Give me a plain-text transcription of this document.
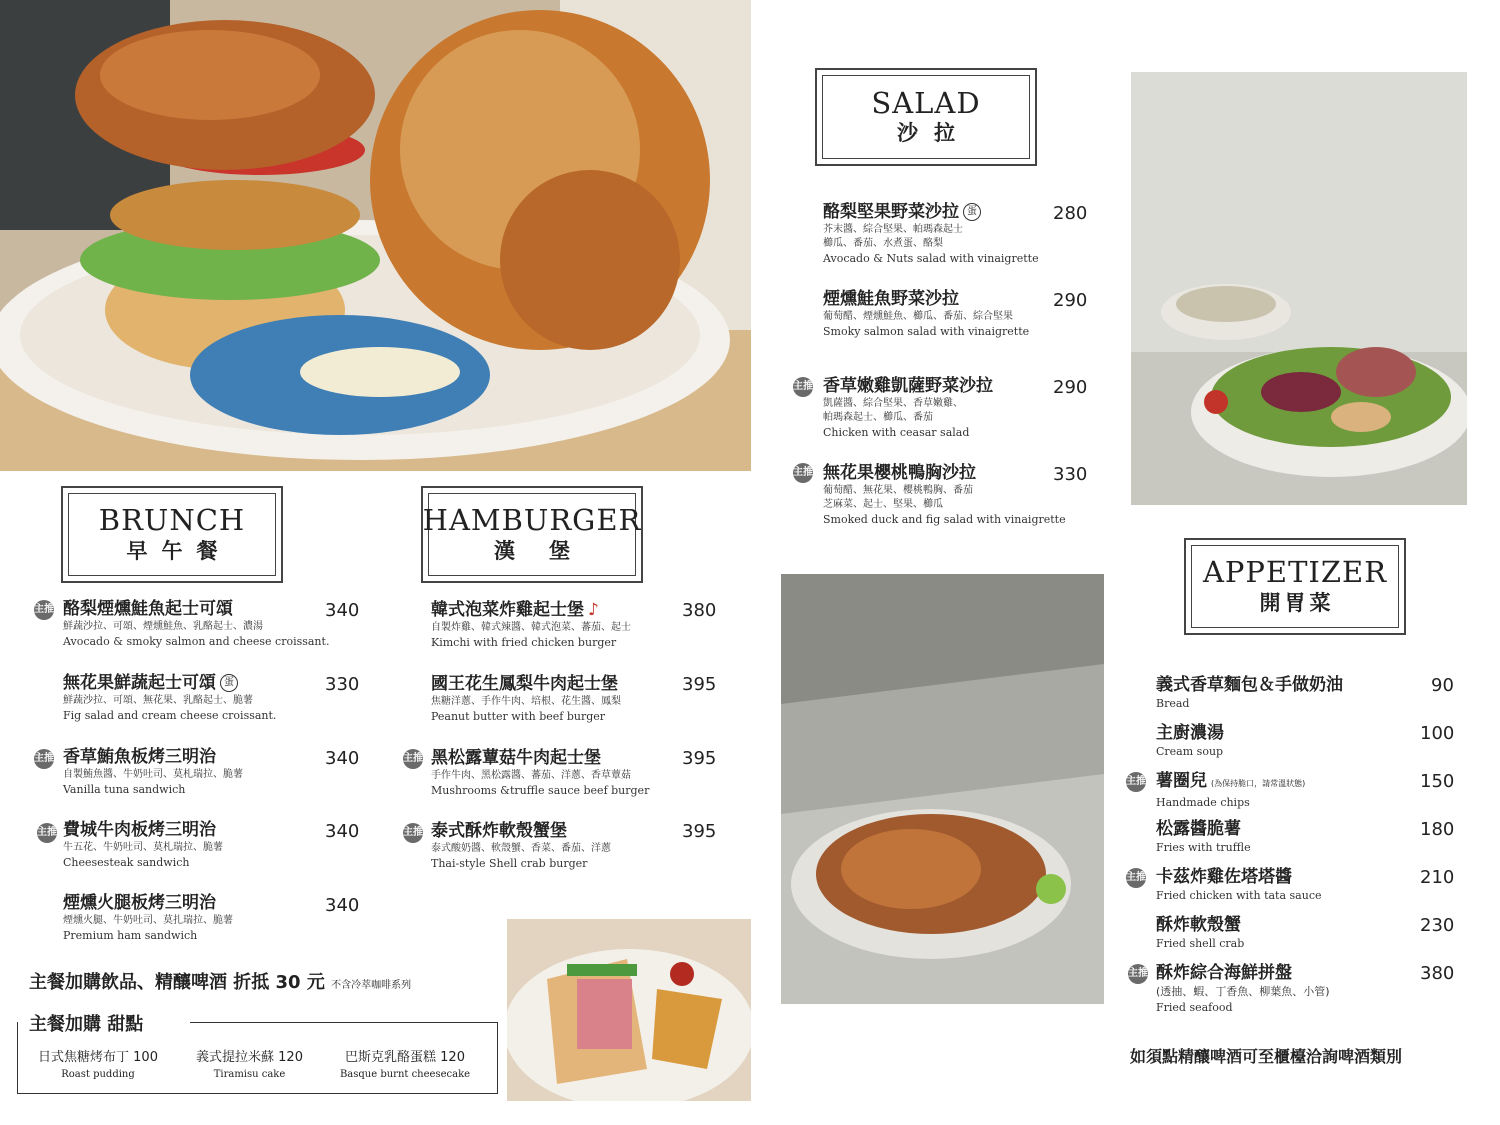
BRUNCH
早午餐
HAMBURGER
漢堡
SALAD
沙拉
APPETIZER
開胃菜
主推 酪梨煙燻鮭魚起士可頌
鮮蔬沙拉、可頌、煙燻鮭魚、乳酪起士、濃湯
Avocado & smoky salmon and cheese croissant.
340
無花果鮮蔬起士可頌 蛋
鮮蔬沙拉、可頌、無花果、乳酪起士、脆薯
Fig salad and cream cheese croissant.
330
主推 香草鮪魚板烤三明治
自製鮪魚醬、牛奶吐司、莫札瑞拉、脆薯
Vanilla tuna sandwich
340
主推 費城牛肉板烤三明治
牛五花、牛奶吐司、莫札瑞拉、脆薯
Cheesesteak sandwich
340
煙燻火腿板烤三明治
煙燻火腿、牛奶吐司、莫扎瑞拉、脆薯
Premium ham sandwich
340
韓式泡菜炸雞起士堡 ♪
自製炸雞、韓式辣醬、韓式泡菜、蕃茄、起士
Kimchi with fried chicken burger
380
國王花生鳳梨牛肉起士堡
焦糖洋蔥、手作牛肉、培根、花生醬、鳳梨
Peanut butter with beef burger
395
主推 黑松露蕈菇牛肉起士堡
手作牛肉、黑松露醬、蕃茄、洋蔥、香草蕈菇
Mushrooms &truffle sauce beef burger
395
主推 泰式酥炸軟殼蟹堡
泰式酸奶醬、軟殼蟹、香菜、番茄、洋蔥
Thai-style Shell crab burger
395
酪梨堅果野菜沙拉 蛋
芥末醬、綜合堅果、帕瑪森起士
櫛瓜、番茄、水煮蛋、酪梨
Avocado & Nuts salad with vinaigrette
280
煙燻鮭魚野菜沙拉
葡萄醋、煙燻鮭魚、櫛瓜、番茄、綜合堅果
Smoky salmon salad with vinaigrette
290
主推 香草嫩雞凱薩野菜沙拉
凱薩醬、綜合堅果、香草嫩雞、
帕瑪森起士、櫛瓜、番茄
Chicken with ceasar salad
290
主推 無花果櫻桃鴨胸沙拉
葡萄醋、無花果、櫻桃鴨胸、番茄
芝麻菜、起士、堅果、櫛瓜
Smoked duck and fig salad with vinaigrette
330
義式香草麵包＆手做奶油
Bread
90
主廚濃湯
Cream soup
100
主推 薯圈兒 (為保持脆口，請常溫狀態)
Handmade chips
150
松露醬脆薯
Fries with truffle
180
主推 卡茲炸雞佐塔塔醬
Fried chicken with tata sauce
210
酥炸軟殼蟹
Fried shell crab
230
主推 酥炸綜合海鮮拼盤
(透抽、蝦、丁香魚、柳葉魚、小管)
Fried seafood
380
主餐加購飲品、精釀啤酒 折抵 30 元 不含冷萃咖啡系列
主餐加購 甜點
日式焦糖烤布丁 100
Roast pudding
義式提拉米蘇 120
Tiramisu cake
巴斯克乳酪蛋糕 120
Basque burnt cheesecake
如須點精釀啤酒可至櫃檯洽詢啤酒類別
